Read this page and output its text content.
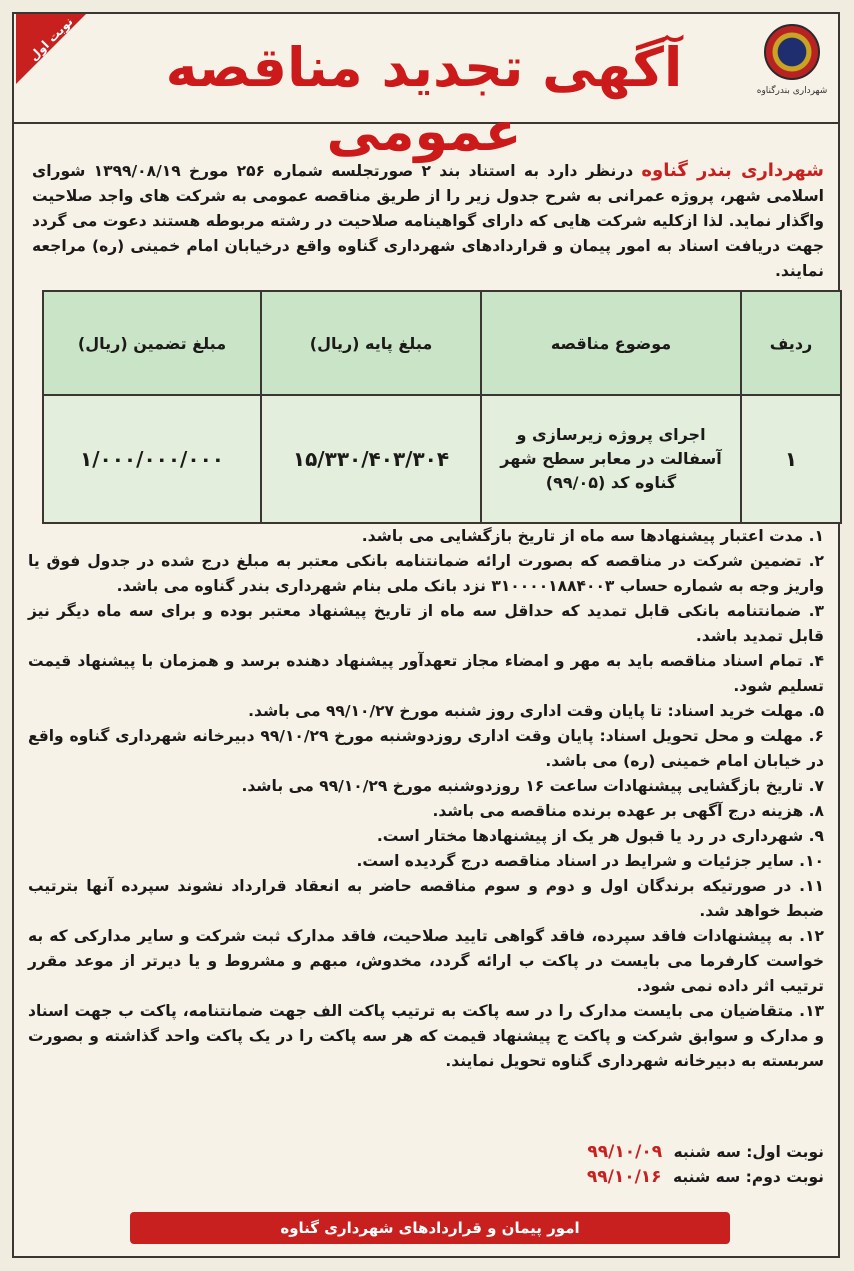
نوبت اول	آگهی تجدید مناقصه عمومی
شهرداری بندرگناوه
شهرداری بندر گناوه درنظر دارد به استناد بند ۲ صورتجلسه شماره ۲۵۶ مورخ ۱۳۹۹/۰۸/۱۹ شورای اسلامی شهر، پروژه عمرانی به شرح جدول زیر را از طریق مناقصه عمومی به شرکت های واجد صلاحیت واگذار نماید. لذا ازکلیه شرکت هایی که دارای گواهینامه صلاحیت در رشته مربوطه هستند دعوت می گردد جهت دریافت اسناد به امور پیمان و قراردادهای شهرداری گناوه واقع درخیابان امام خمینی (ره) مراجعه نمایند.
ردیف	موضوع مناقصه	مبلغ پایه (ریال)	مبلغ تضمین (ریال)
۱	اجرای پروژه زیرسازی و آسفالت در معابر سطح شهر گناوه کد (۹۹/۰۵)	۱۵/۳۳۰/۴۰۳/۳۰۴	۱/۰۰۰/۰۰۰/۰۰۰
۱. مدت اعتبار پیشنهادها سه ماه از تاریخ بازگشایی می باشد.
۲. تضمین شرکت در مناقصه که بصورت ارائه ضمانتنامه بانکی معتبر به مبلغ درج شده در جدول فوق یا واریز وجه به شماره حساب ۳۱۰۰۰۰۱۸۸۴۰۰۳ نزد بانک ملی بنام شهرداری بندر گناوه می باشد.
۳. ضمانتنامه بانکی قابل تمدید که حداقل سه ماه از تاریخ پیشنهاد معتبر بوده و برای سه ماه دیگر نیز قابل تمدید باشد.
۴. تمام اسناد مناقصه باید به مهر و امضاء مجاز تعهدآور پیشنهاد دهنده برسد و همزمان با پیشنهاد قیمت تسلیم شود.
۵. مهلت خرید اسناد: تا پایان وقت اداری روز شنبه مورخ ۹۹/۱۰/۲۷ می باشد.
۶. مهلت و محل تحویل اسناد: پایان وقت اداری روزدوشنبه مورخ ۹۹/۱۰/۲۹ دبیرخانه شهرداری گناوه واقع در خیابان امام خمینی (ره) می باشد.
۷. تاریخ بازگشایی پیشنهادات ساعت ۱۶ روزدوشنبه مورخ ۹۹/۱۰/۲۹ می باشد.
۸. هزینه درج آگهی بر عهده برنده مناقصه می باشد.
۹. شهرداری در رد یا قبول هر یک از پیشنهادها مختار است.
۱۰. سایر جزئیات و شرایط در اسناد مناقصه درج گردیده است.
۱۱. در صورتیکه برندگان اول و دوم و سوم مناقصه حاضر به انعقاد قرارداد نشوند سپرده آنها بترتیب ضبط خواهد شد.
۱۲. به پیشنهادات فاقد سپرده، فاقد گواهی تایید صلاحیت، فاقد مدارک ثبت شرکت و سایر مدارکی که به خواست کارفرما می بایست در پاکت ب ارائه گردد، مخدوش، مبهم و مشروط و یا دیرتر از موعد مقرر ترتیب اثر داده نمی شود.
۱۳. متقاضیان می بایست مدارک را در سه پاکت به ترتیب پاکت الف جهت ضمانتنامه، پاکت ب جهت اسناد و مدارک و سوابق شرکت و پاکت ج پیشنهاد قیمت که هر سه پاکت را در یک پاکت واحد گذاشته و بصورت سربسته به دبیرخانه شهرداری گناوه تحویل نمایند.
نوبت اول: سه شنبه ۹۹/۱۰/۰۹
نوبت دوم: سه شنبه ۹۹/۱۰/۱۶
امور پیمان و قراردادهای شهرداری گناوه
